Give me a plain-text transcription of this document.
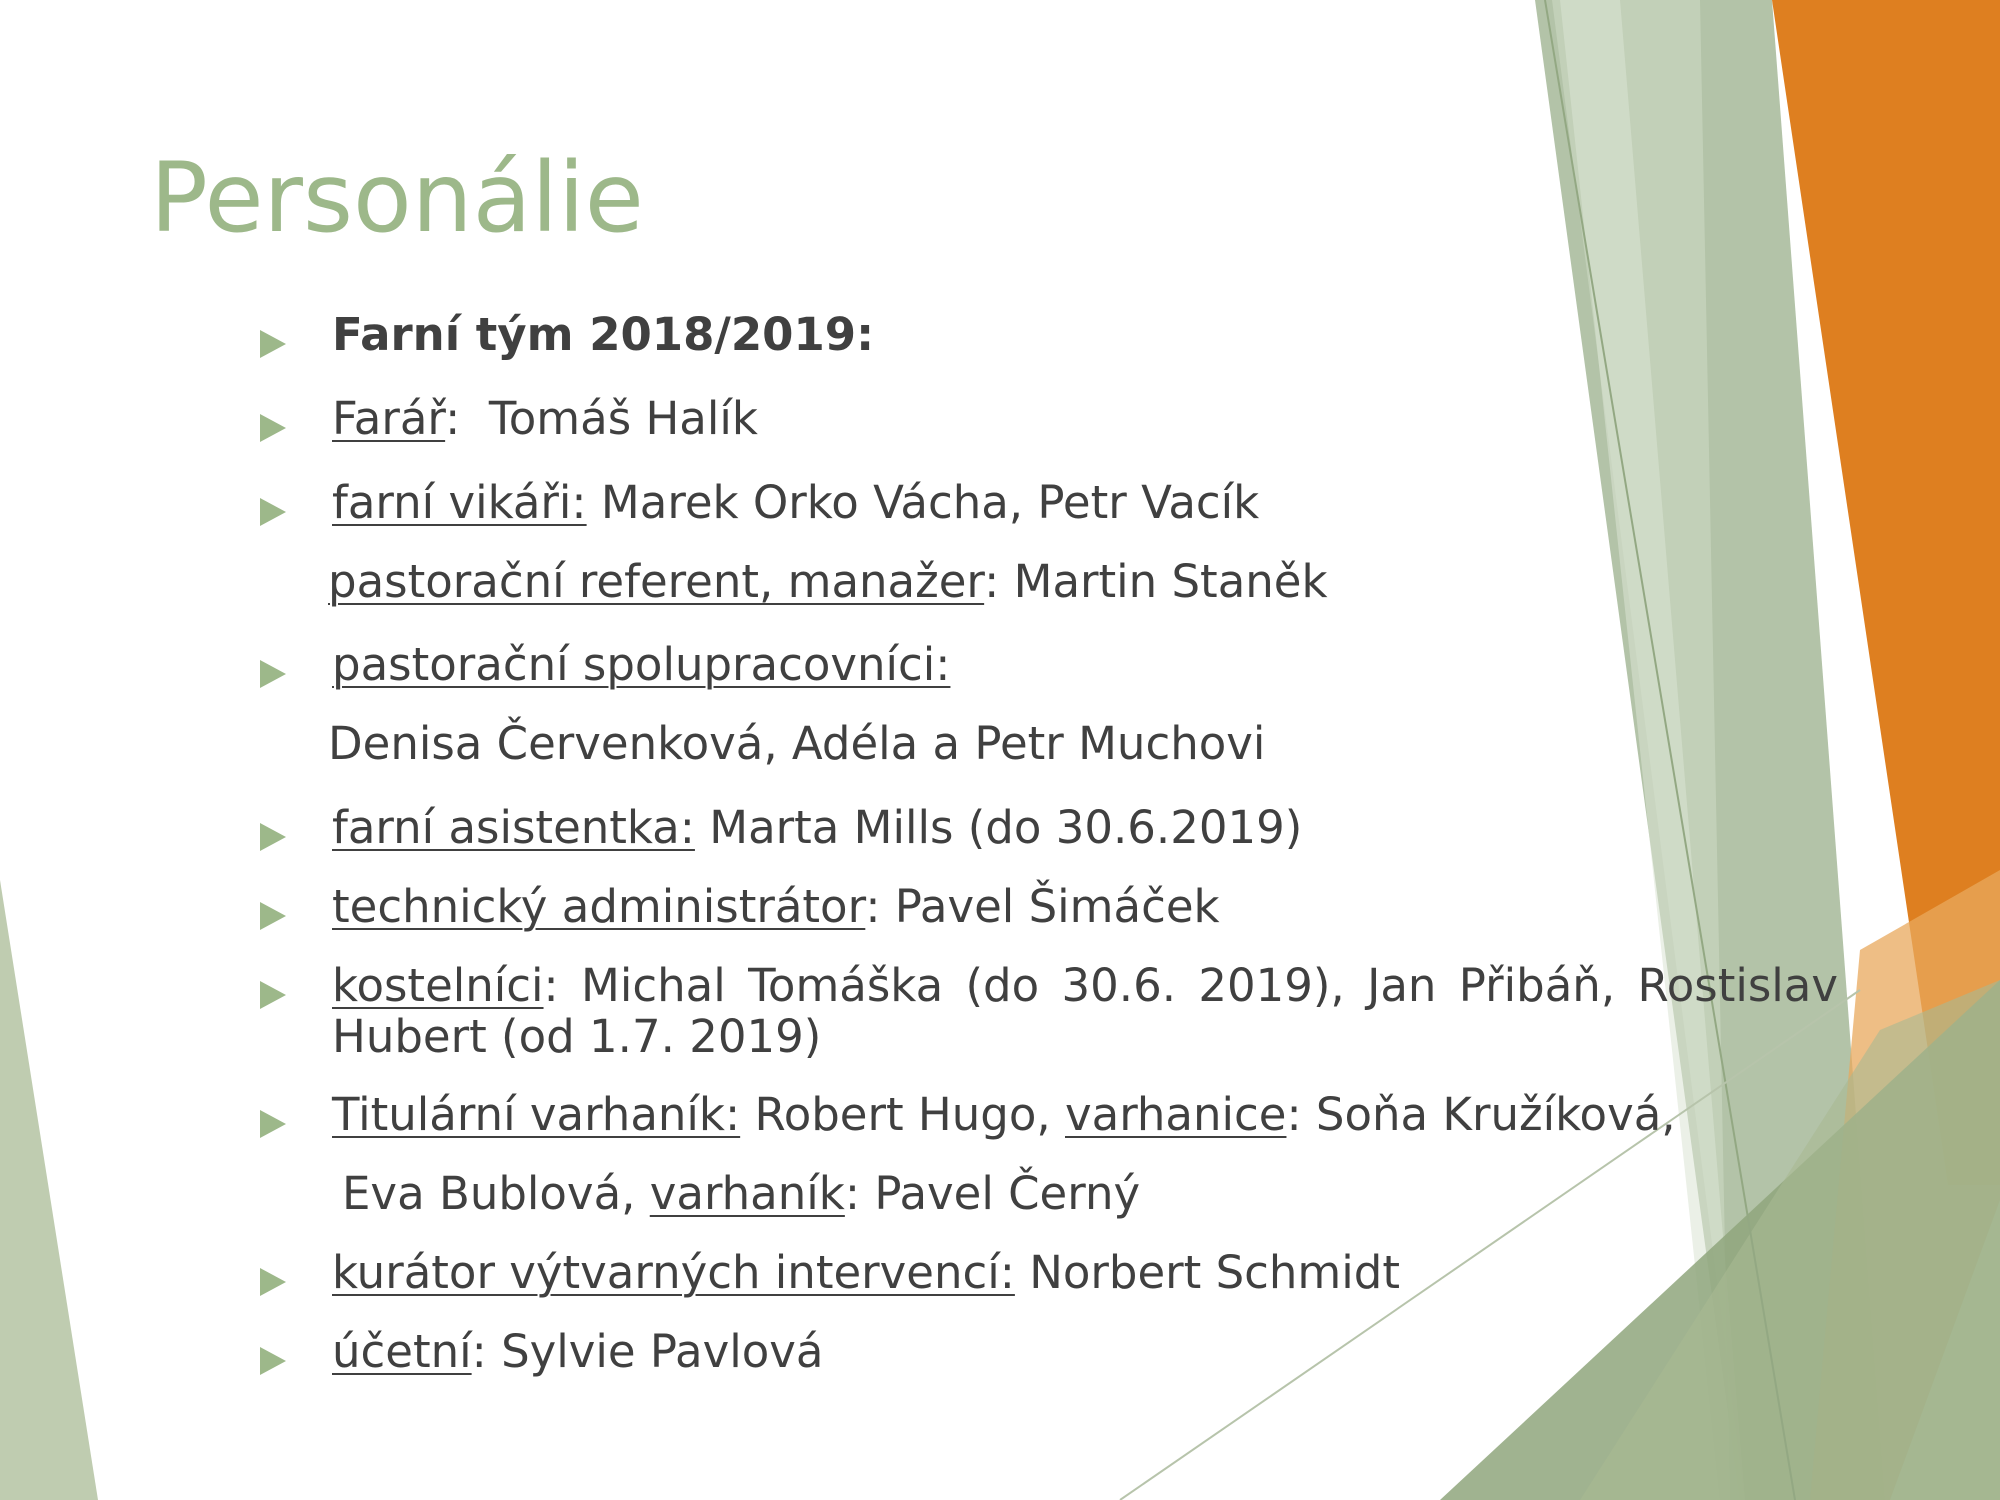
Personálie
Farní tým 2018/2019:
Farář:  Tomáš Halík
farní vikáři: Marek Orko Vácha, Petr Vacík
pastorační referent, manažer: Martin Staněk
pastorační spolupracovníci:
Denisa Červenková, Adéla a Petr Muchovi
farní asistentka: Marta Mills (do 30.6.2019)
technický administrátor: Pavel Šimáček
kostelníci: Michal Tomáška (do 30.6. 2019), Jan Přibáň, Rostislav Hubert (od 1.7. 2019)
Titulární varhaník: Robert Hugo, varhanice: Soňa Kružíková,
Eva Bublová, varhaník: Pavel Černý
kurátor výtvarných intervencí: Norbert Schmidt
účetní: Sylvie Pavlová
